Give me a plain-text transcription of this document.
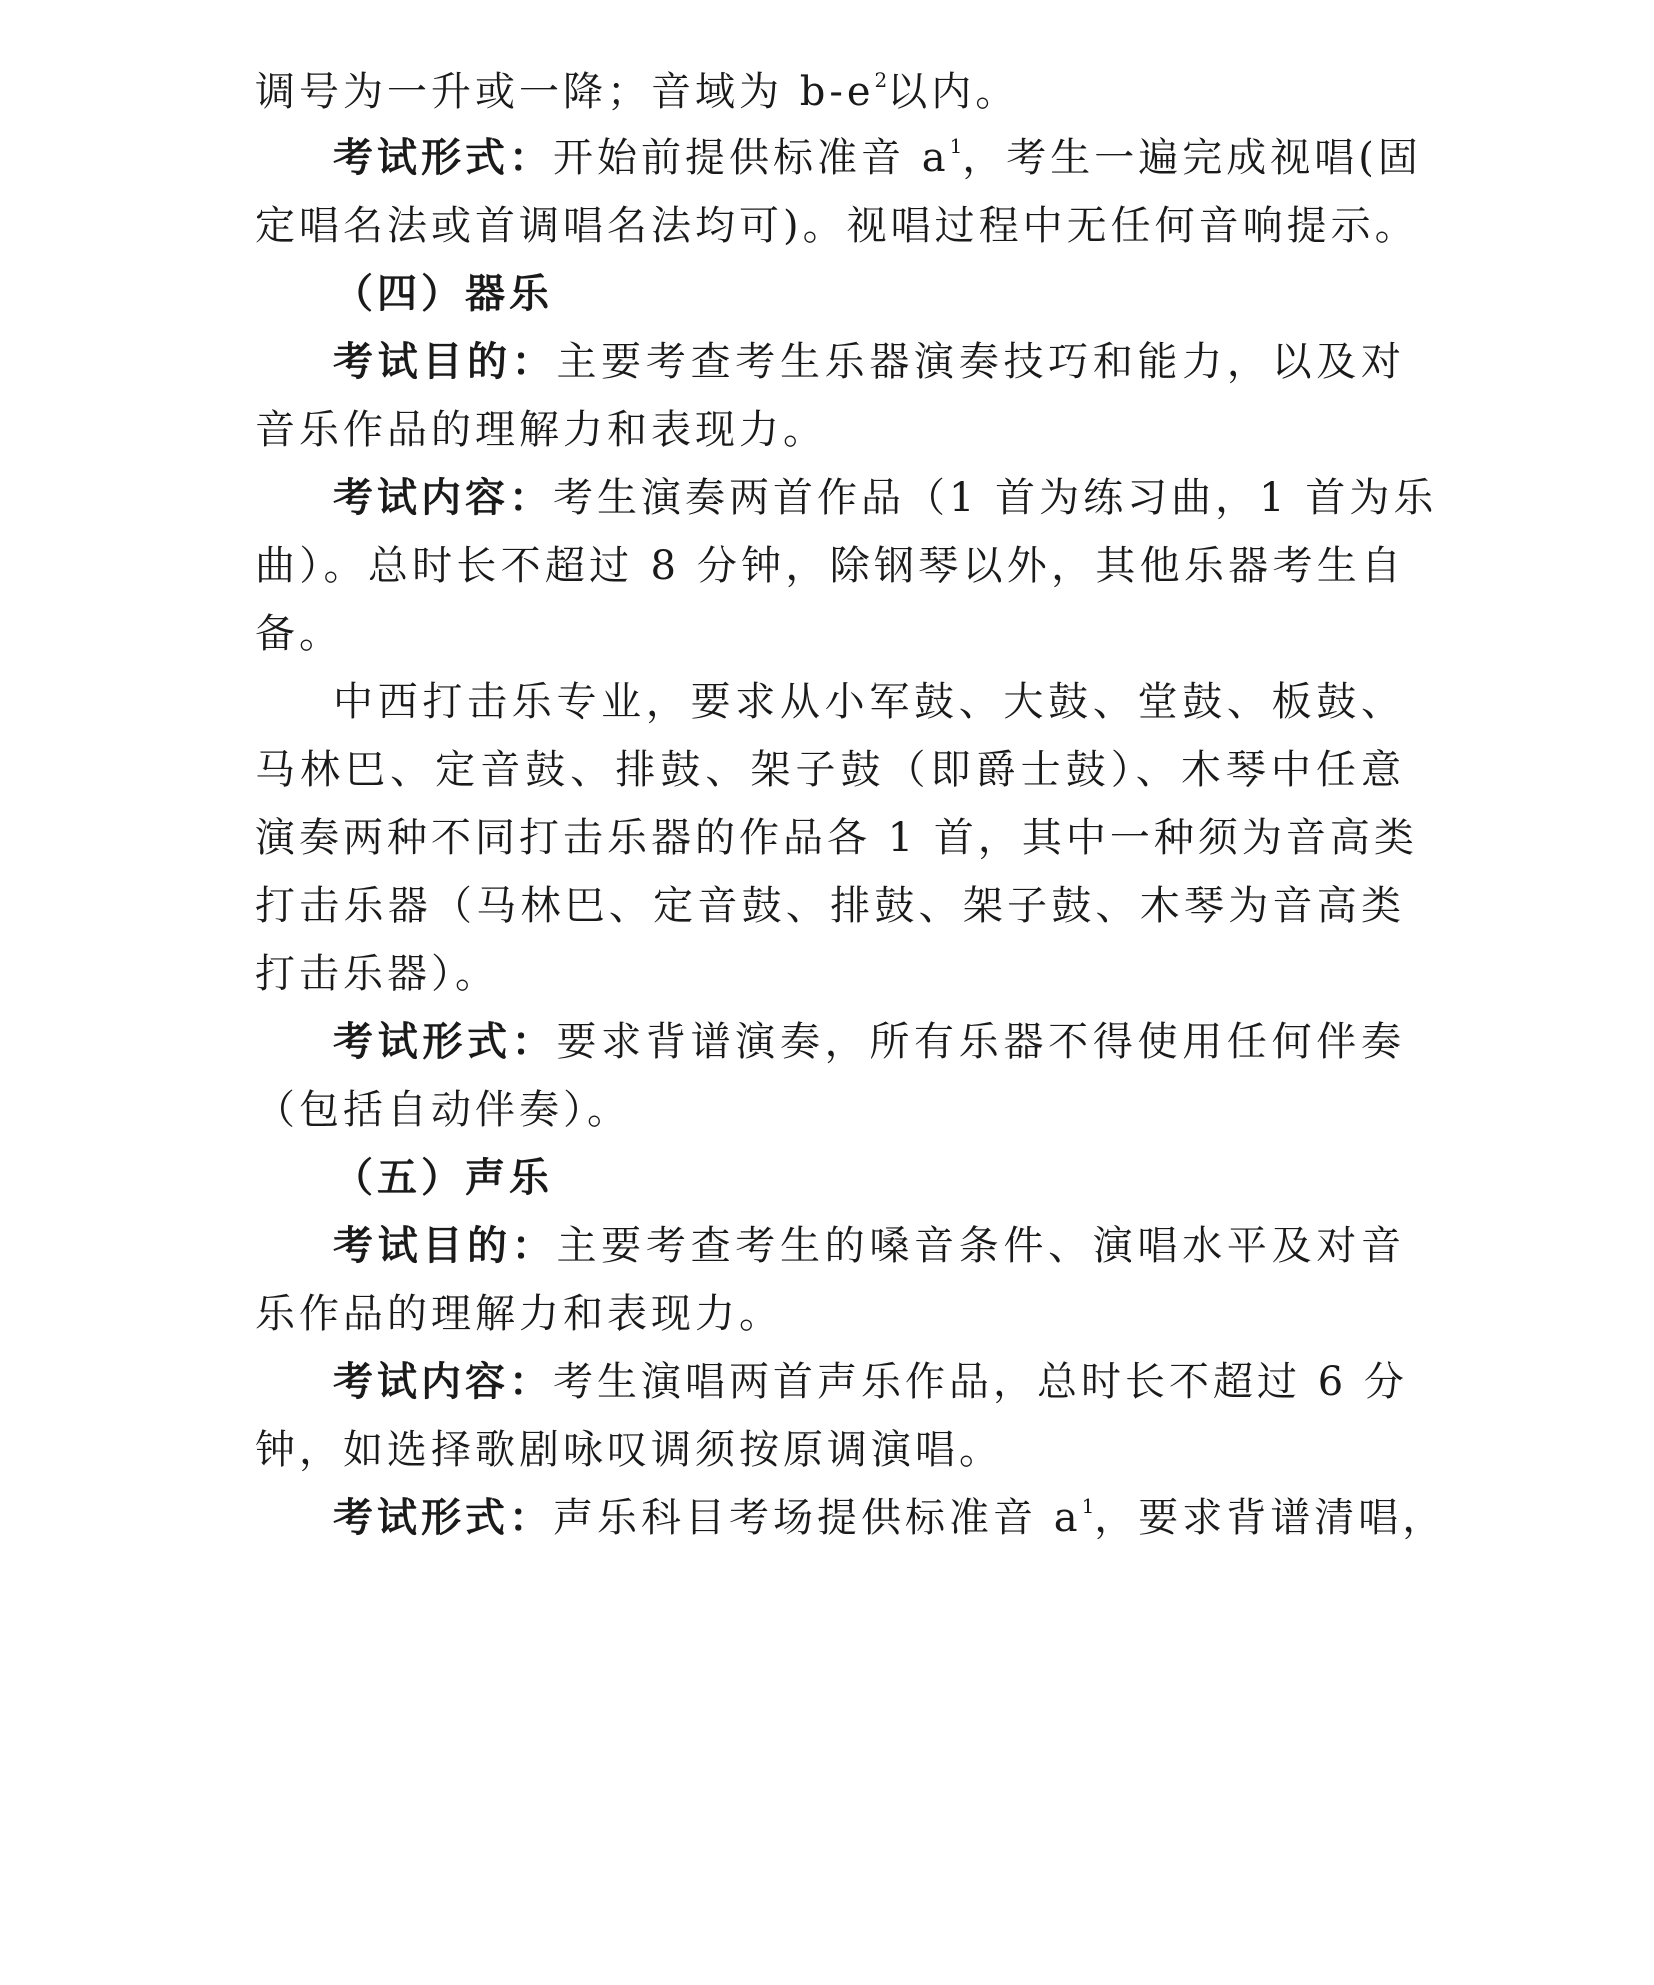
调号为一升或一降；音域为 $b-e^2$以内。
考试形式：开始前提供标准音 $a^1$，考生一遍完成视唱(固
定唱名法或首调唱名法均可)。视唱过程中无任何音响提示。
（四）器乐
考试目的：主要考查考生乐器演奏技巧和能力，以及对
音乐作品的理解力和表现力。
考试内容：考生演奏两首作品（1 首为练习曲，1 首为乐
曲）。总时长不超过 8 分钟，除钢琴以外，其他乐器考生自
备。
中西打击乐专业，要求从小军鼓、大鼓、堂鼓、板鼓、
马林巴、定音鼓、排鼓、架子鼓（即爵士鼓）、木琴中任意
演奏两种不同打击乐器的作品各 1 首，其中一种须为音高类
打击乐器（马林巴、定音鼓、排鼓、架子鼓、木琴为音高类
打击乐器）。
考试形式：要求背谱演奏，所有乐器不得使用任何伴奏
（包括自动伴奏）。
（五）声乐
考试目的：主要考查考生的嗓音条件、演唱水平及对音
乐作品的理解力和表现力。
考试内容：考生演唱两首声乐作品，总时长不超过 6 分
钟，如选择歌剧咏叹调须按原调演唱。
考试形式：声乐科目考场提供标准音 $a^1$，要求背谱清唱，
